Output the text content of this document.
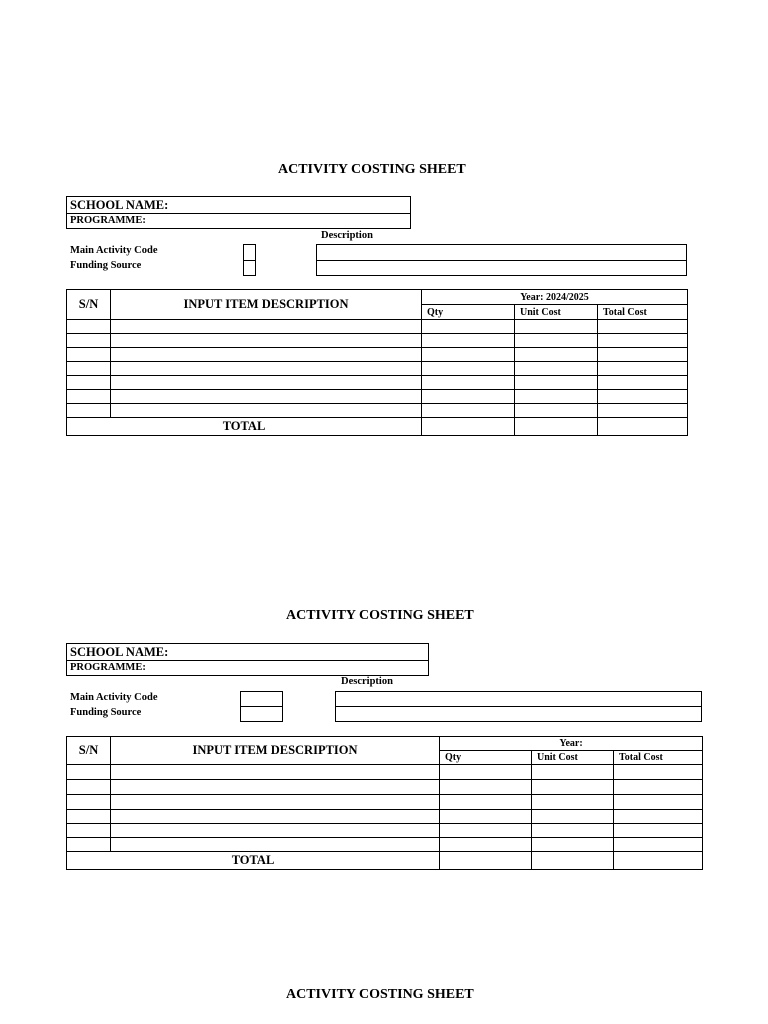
ACTIVITY COSTING SHEET
SCHOOL NAME:
PROGRAMME:
Description
Main Activity Code
Funding Source
S/N	INPUT ITEM DESCRIPTION	Year: 2024/2025		
		Qty	Unit Cost	Total Cost

TOTAL				
ACTIVITY COSTING SHEET
SCHOOL NAME:
PROGRAMME:
Description
Main Activity Code
Funding Source
S/N	INPUT ITEM DESCRIPTION	Year:		
		Qty	Unit Cost	Total Cost

TOTAL				
ACTIVITY COSTING SHEET
